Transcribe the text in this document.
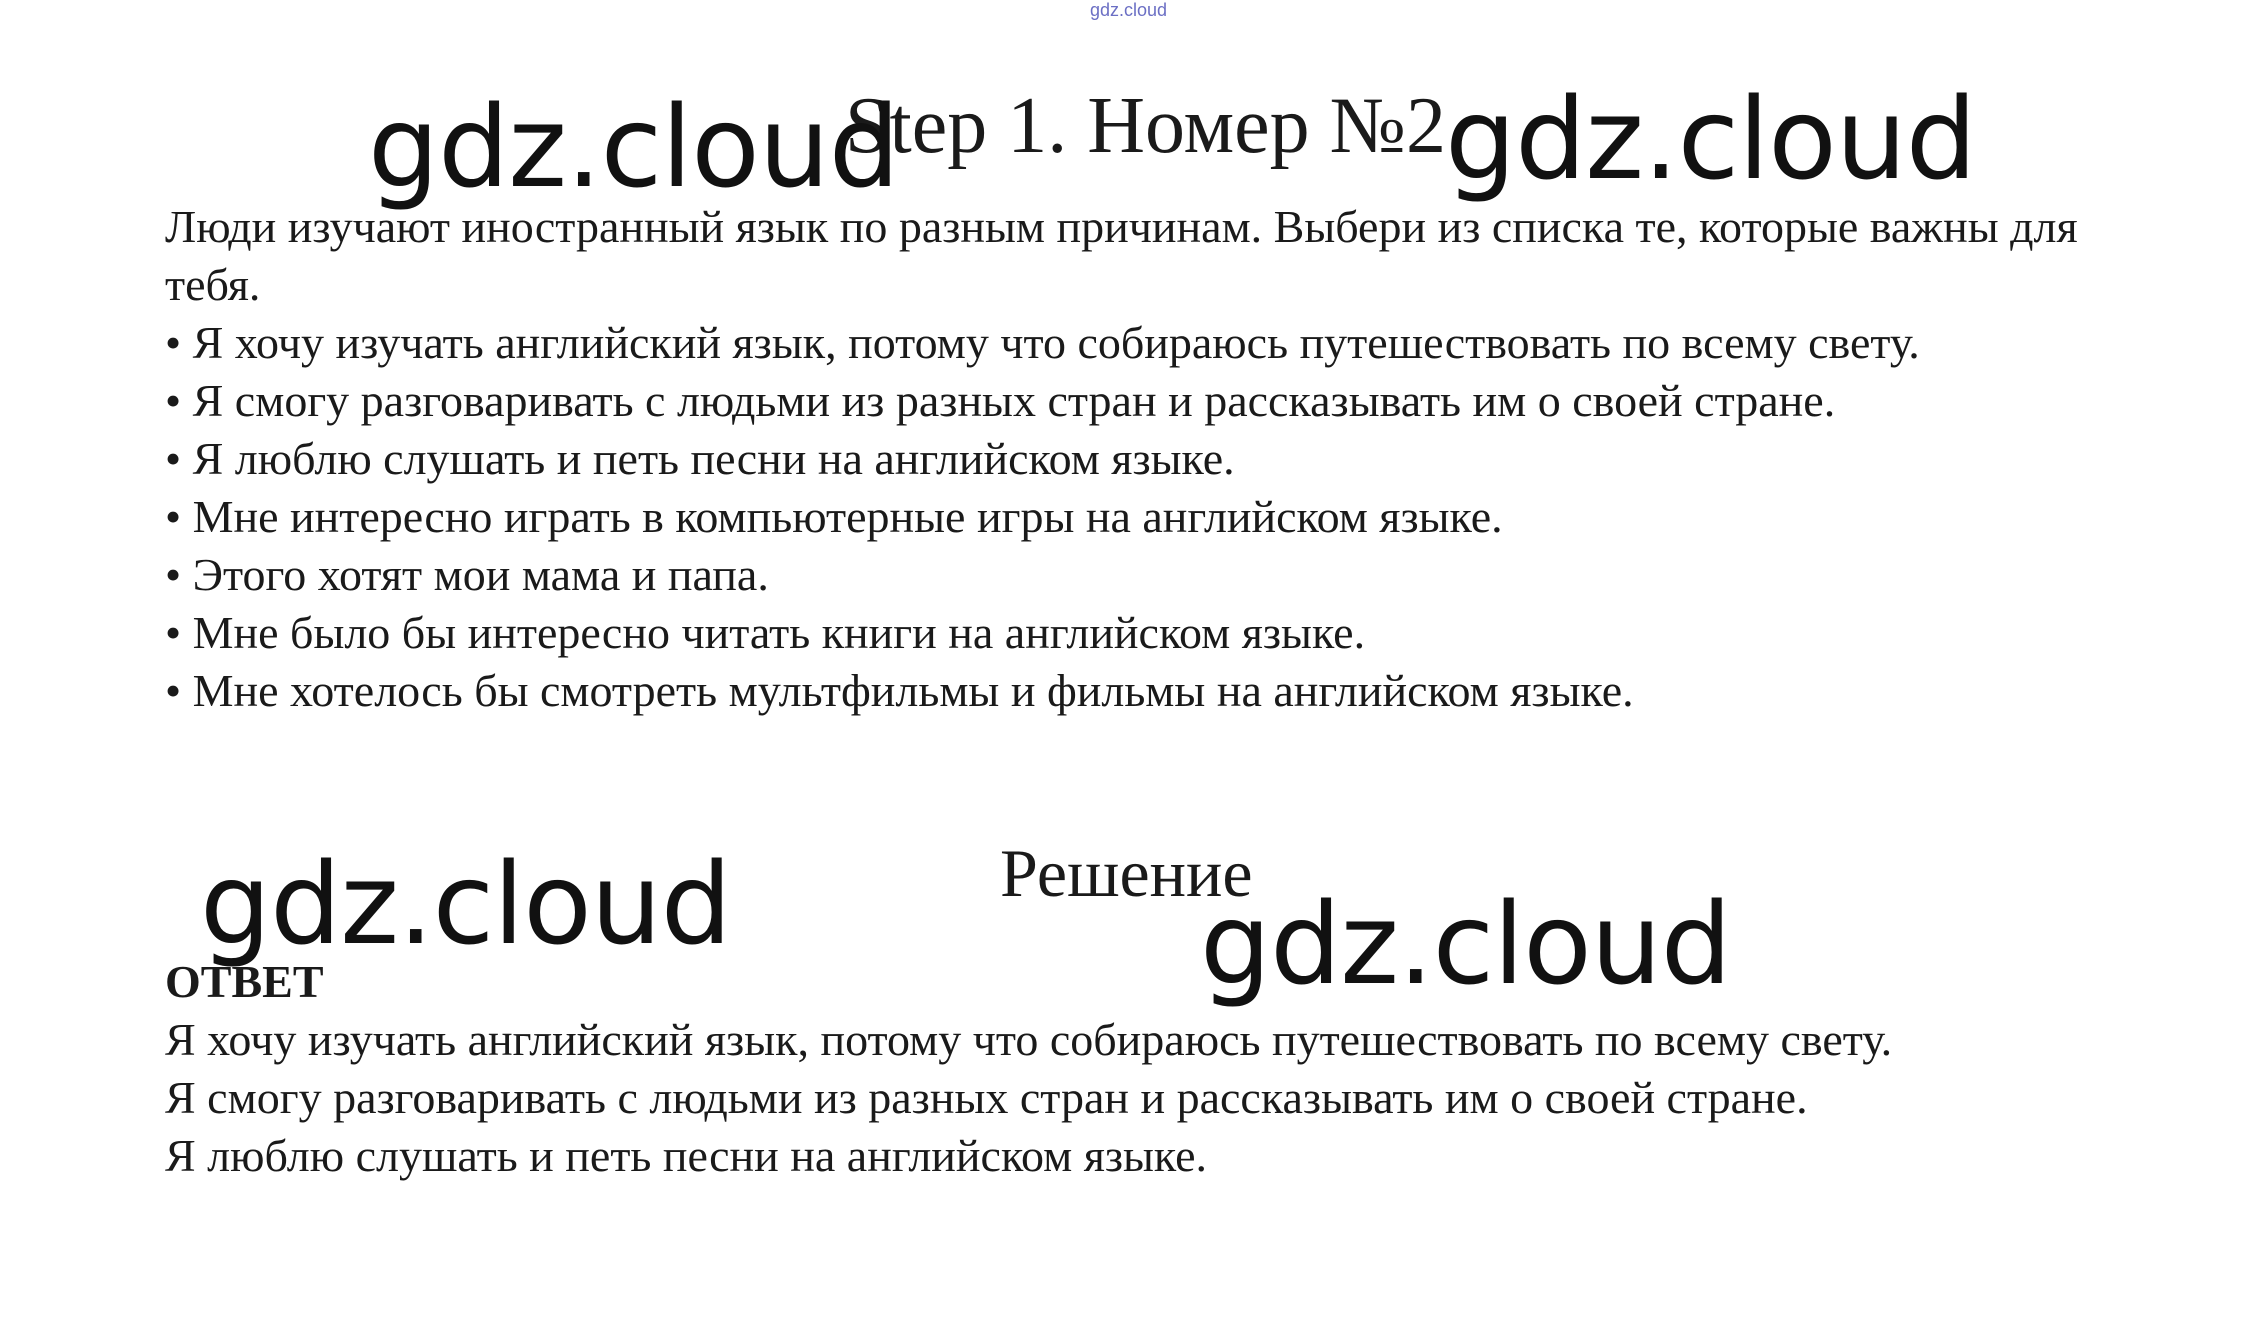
gdz.cloud
Step 1. Номер №2
gdz.cloud	gdz.cloud

Люди изучают иностранный язык по разным причинам. Выбери из списка те, которые важны для тебя.

• Я хочу изучать английский язык, потому что собираюсь путешествовать по всему свету.

• Я смогу разговаривать с людьми из разных стран и рассказывать им о своей стране.

• Я люблю слушать и петь песни на английском языке.

• Мне интересно играть в компьютерные игры на английском языке.

• Этого хотят мои мама и папа.

• Мне было бы интересно читать книги на английском языке.

• Мне хотелось бы смотреть мультфильмы и фильмы на английском языке.

gdz.cloud	Решение
gdz.cloud
ОТВЕТ

Я хочу изучать английский язык, потому что собираюсь путешествовать по всему свету.

Я смогу разговаривать с людьми из разных стран и рассказывать им о своей стране.

Я люблю слушать и петь песни на английском языке.
